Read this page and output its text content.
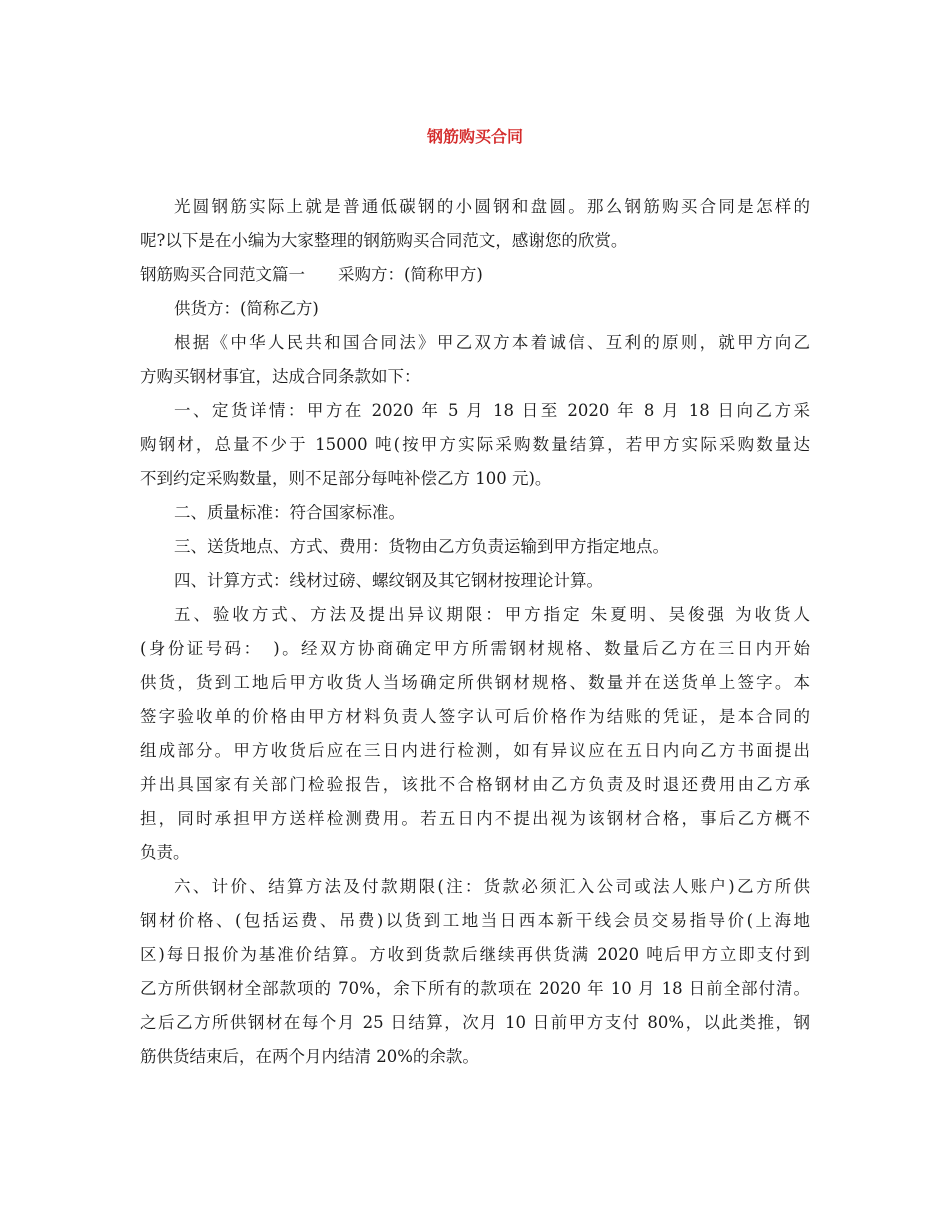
钢筋购买合同
光圆钢筋实际上就是普通低碳钢的小圆钢和盘圆。那么钢筋购买合同是怎样的
呢?以下是在小编为大家整理的钢筋购买合同范文，感谢您的欣赏。
钢筋购买合同范文篇一　　采购方：(简称甲方)
供货方：(简称乙方)
根据《中华人民共和国合同法》甲乙双方本着诚信、互利的原则，就甲方向乙
方购买钢材事宜，达成合同条款如下：
一、定货详情：甲方在 2020 年 5 月 18 日至 2020 年 8 月 18 日向乙方采
购钢材，总量不少于 15000 吨(按甲方实际采购数量结算，若甲方实际采购数量达
不到约定采购数量，则不足部分每吨补偿乙方 100 元)。
二、质量标准：符合国家标准。
三、送货地点、方式、费用：货物由乙方负责运输到甲方指定地点。
四、计算方式：线材过磅、螺纹钢及其它钢材按理论计算。
五、验收方式、方法及提出异议期限：甲方指定 朱夏明、吴俊强 为收货人
(身份证号码：　)。经双方协商确定甲方所需钢材规格、数量后乙方在三日内开始
供货，货到工地后甲方收货人当场确定所供钢材规格、数量并在送货单上签字。本
签字验收单的价格由甲方材料负责人签字认可后价格作为结账的凭证，是本合同的
组成部分。甲方收货后应在三日内进行检测，如有异议应在五日内向乙方书面提出
并出具国家有关部门检验报告，该批不合格钢材由乙方负责及时退还费用由乙方承
担，同时承担甲方送样检测费用。若五日内不提出视为该钢材合格，事后乙方概不
负责。
六、计价、结算方法及付款期限(注：货款必须汇入公司或法人账户)乙方所供
钢材价格、(包括运费、吊费)以货到工地当日西本新干线会员交易指导价(上海地
区)每日报价为基准价结算。方收到货款后继续再供货满 2020 吨后甲方立即支付到
乙方所供钢材全部款项的 70%，余下所有的款项在 2020 年 10 月 18 日前全部付清。
之后乙方所供钢材在每个月 25 日结算，次月 10 日前甲方支付 80%，以此类推，钢
筋供货结束后，在两个月内结清 20%的余款。
